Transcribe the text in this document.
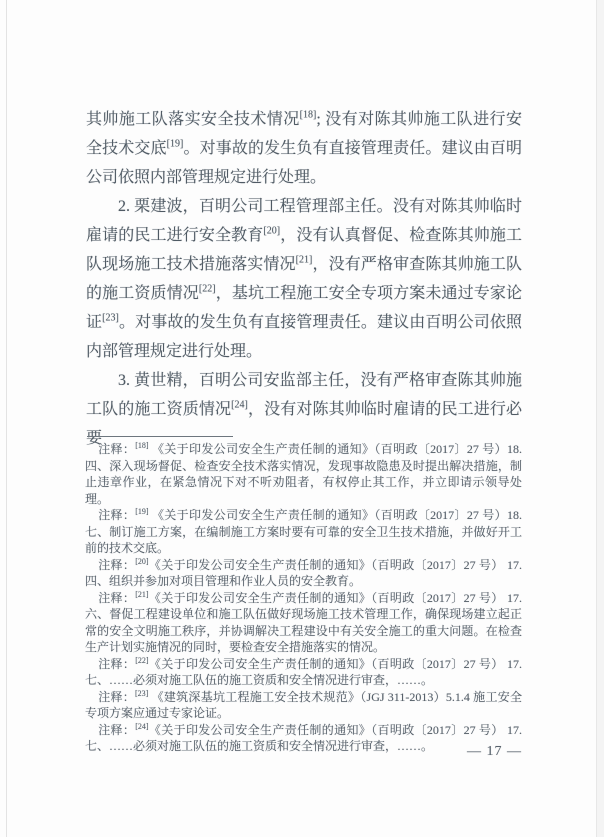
其帅施工队落实安全技术情况[18]; 没有对陈其帅施工队进行安全技术交底[19]。对事故的发生负有直接管理责任。建议由百明公司依照内部管理规定进行处理。

2. 栗建波，百明公司工程管理部主任。没有对陈其帅临时雇请的民工进行安全教育[20]，没有认真督促、检查陈其帅施工队现场施工技术措施落实情况[21]，没有严格审查陈其帅施工队的施工资质情况[22]，基坑工程施工安全专项方案未通过专家论证[23]。对事故的发生负有直接管理责任。建议由百明公司依照内部管理规定进行处理。

3. 黄世精，百明公司安监部主任，没有严格审查陈其帅施工队的施工资质情况[24]，没有对陈其帅临时雇请的民工进行必要

注释：[18] 《关于印发公司安全生产责任制的通知》（百明政〔2017〕27 号）18. 四、深入现场督促、检查安全技术落实情况，发现事故隐患及时提出解决措施，制止违章作业，在紧急情况下对不听劝阻者，有权停止其工作，并立即请示领导处理。

注释：[19] 《关于印发公司安全生产责任制的通知》（百明政〔2017〕27 号）18. 七、制订施工方案，在编制施工方案时要有可靠的安全卫生技术措施，并做好开工前的技术交底。

注释：[20]《关于印发公司安全生产责任制的通知》（百明政〔2017〕27 号） 17. 四、组织并参加对项目管理和作业人员的安全教育。

注释：[21]《关于印发公司安全生产责任制的通知》（百明政〔2017〕27 号） 17. 六、督促工程建设单位和施工队伍做好现场施工技术管理工作，确保现场建立起正常的安全文明施工秩序，并协调解决工程建设中有关安全施工的重大问题。在检查生产计划实施情况的同时，要检查安全措施落实的情况。

注释：[22]《关于印发公司安全生产责任制的通知》（百明政〔2017〕27 号） 17. 七、……必须对施工队伍的施工资质和安全情况进行审查，……。

注释：[23] 《建筑深基坑工程施工安全技术规范》（JGJ 311-2013）5.1.4 施工安全专项方案应通过专家论证。

注释：[24]《关于印发公司安全生产责任制的通知》（百明政〔2017〕27 号） 17. 七、……必须对施工队伍的施工资质和安全情况进行审查，……。	— 17 —
